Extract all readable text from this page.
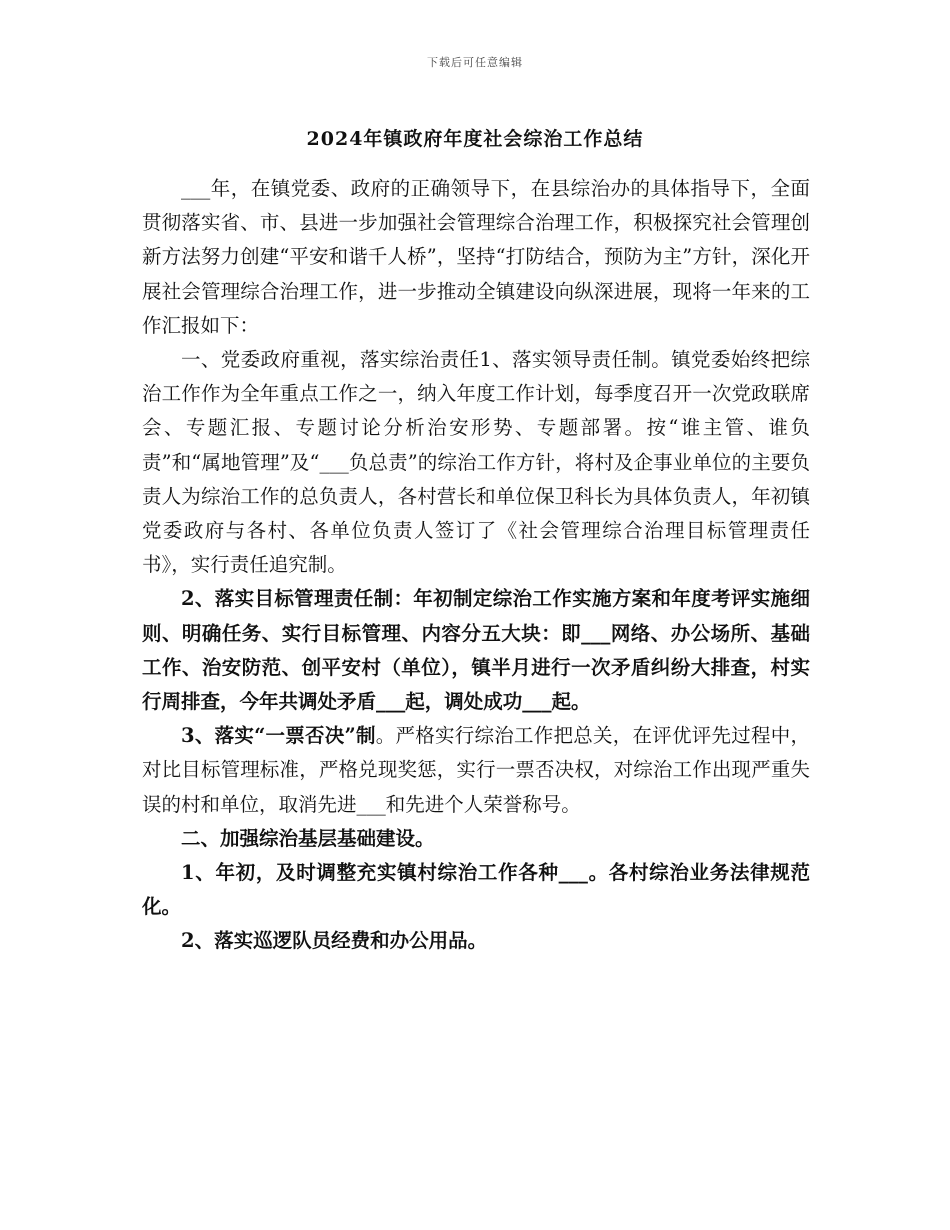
下载后可任意编辑
2024年镇政府年度社会综治工作总结

___年，在镇党委、政府的正确领导下，在县综治办的具体指导下，全面贯彻落实省、市、县进一步加强社会管理综合治理工作，积极探究社会管理创新方法努力创建“平安和谐千人桥”，坚持“打防结合，预防为主”方针，深化开展社会管理综合治理工作，进一步推动全镇建设向纵深进展，现将一年来的工作汇报如下：

一、党委政府重视，落实综治责任1、落实领导责任制。镇党委始终把综治工作作为全年重点工作之一，纳入年度工作计划，每季度召开一次党政联席会、专题汇报、专题讨论分析治安形势、专题部署。按“谁主管、谁负责”和“属地管理”及“___负总责”的综治工作方针，将村及企事业单位的主要负责人为综治工作的总负责人，各村营长和单位保卫科长为具体负责人，年初镇党委政府与各村、各单位负责人签订了《社会管理综合治理目标管理责任书》，实行责任追究制。

2、落实目标管理责任制：年初制定综治工作实施方案和年度考评实施细则、明确任务、实行目标管理、内容分五大块：即___网络、办公场所、基础工作、治安防范、创平安村（单位），镇半月进行一次矛盾纠纷大排查，村实行周排查，今年共调处矛盾___起，调处成功___起。

3、落实“一票否决”制。严格实行综治工作把总关，在评优评先过程中，对比目标管理标准，严格兑现奖惩，实行一票否决权，对综治工作出现严重失误的村和单位，取消先进___和先进个人荣誉称号。

二、加强综治基层基础建设。

1、年初，及时调整充实镇村综治工作各种___。各村综治业务法律规范化。

2、落实巡逻队员经费和办公用品。
